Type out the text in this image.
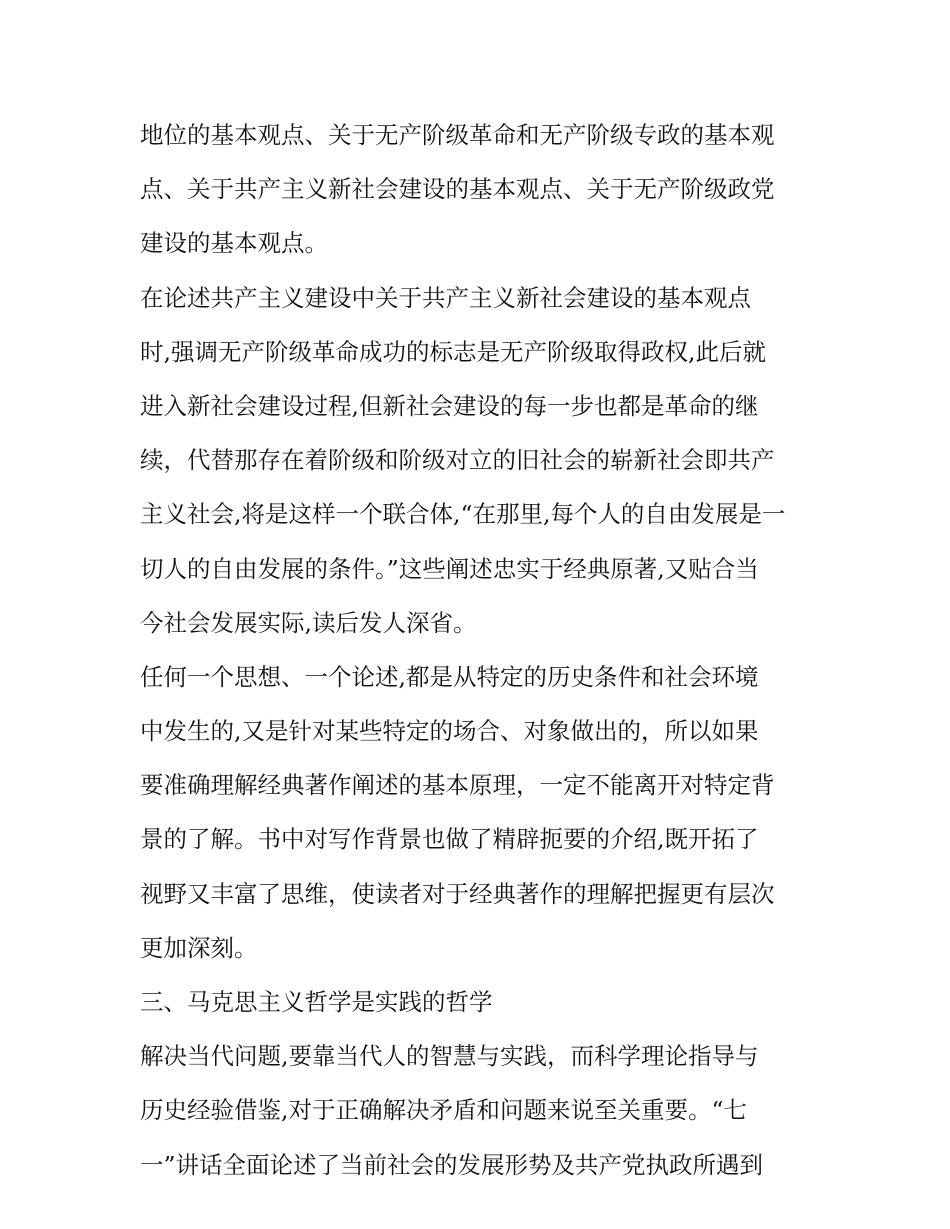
地位的基本观点、关于无产阶级革命和无产阶级专政的基本观
点、关于共产主义新社会建设的基本观点、关于无产阶级政党
建设的基本观点。
在论述共产主义建设中关于共产主义新社会建设的基本观点
时,强调无产阶级革命成功的标志是无产阶级取得政权,此后就
进入新社会建设过程,但新社会建设的每一步也都是革命的继
续，代替那存在着阶级和阶级对立的旧社会的崭新社会即共产
主义社会,将是这样一个联合体,“在那里,每个人的自由发展是一
切人的自由发展的条件。”这些阐述忠实于经典原著,又贴合当
今社会发展实际,读后发人深省。
任何一个思想、一个论述,都是从特定的历史条件和社会环境
中发生的,又是针对某些特定的场合、对象做出的，所以如果
要准确理解经典著作阐述的基本原理，一定不能离开对特定背
景的了解。书中对写作背景也做了精辟扼要的介绍,既开拓了
视野又丰富了思维，使读者对于经典著作的理解把握更有层次
更加深刻。
三、马克思主义哲学是实践的哲学
解决当代问题,要靠当代人的智慧与实践，而科学理论指导与
历史经验借鉴,对于正确解决矛盾和问题来说至关重要。“七
一”讲话全面论述了当前社会的发展形势及共产党执政所遇到
